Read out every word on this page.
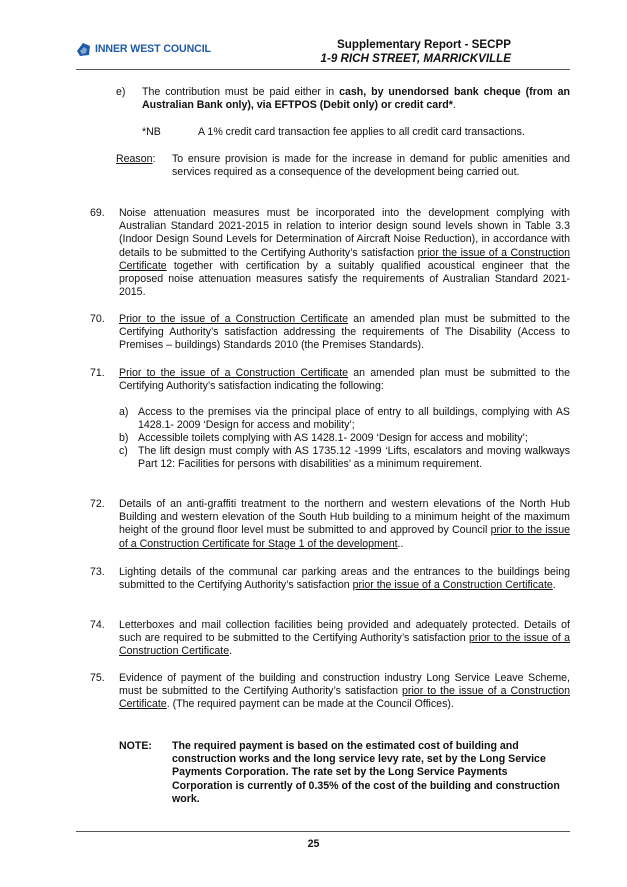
INNER WEST COUNCIL	Supplementary Report - SECPP
1-9 RICH STREET, MARRICKVILLE
e) The contribution must be paid either in cash, by unendorsed bank cheque (from an Australian Bank only), via EFTPOS (Debit only) or credit card*.
*NB	A 1% credit card transaction fee applies to all credit card transactions.
Reason: To ensure provision is made for the increase in demand for public amenities and services required as a consequence of the development being carried out.
69. Noise attenuation measures must be incorporated into the development complying with Australian Standard 2021-2015 in relation to interior design sound levels shown in Table 3.3 (Indoor Design Sound Levels for Determination of Aircraft Noise Reduction), in accordance with details to be submitted to the Certifying Authority’s satisfaction prior the issue of a Construction Certificate together with certification by a suitably qualified acoustical engineer that the proposed noise attenuation measures satisfy the requirements of Australian Standard 2021-2015.
70. Prior to the issue of a Construction Certificate an amended plan must be submitted to the Certifying Authority’s satisfaction addressing the requirements of The Disability (Access to Premises – buildings) Standards 2010 (the Premises Standards).
71. Prior to the issue of a Construction Certificate an amended plan must be submitted to the Certifying Authority’s satisfaction indicating the following:
a) Access to the premises via the principal place of entry to all buildings, complying with AS 1428.1- 2009 ‘Design for access and mobility’;
b) Accessible toilets complying with AS 1428.1- 2009 ‘Design for access and mobility’;
c) The lift design must comply with AS 1735.12 -1999 ‘Lifts, escalators and moving walkways Part 12: Facilities for persons with disabilities’ as a minimum requirement.
72. Details of an anti-graffiti treatment to the northern and western elevations of the North Hub Building and western elevation of the South Hub building to a minimum height of the maximum height of the ground floor level must be submitted to and approved by Council prior to the issue of a Construction Certificate for Stage 1 of the development..
73. Lighting details of the communal car parking areas and the entrances to the buildings being submitted to the Certifying Authority’s satisfaction prior the issue of a Construction Certificate.
74. Letterboxes and mail collection facilities being provided and adequately protected. Details of such are required to be submitted to the Certifying Authority’s satisfaction prior to the issue of a Construction Certificate.
75. Evidence of payment of the building and construction industry Long Service Leave Scheme, must be submitted to the Certifying Authority’s satisfaction prior to the issue of a Construction Certificate. (The required payment can be made at the Council Offices).
NOTE: The required payment is based on the estimated cost of building and construction works and the long service levy rate, set by the Long Service Payments Corporation. The rate set by the Long Service Payments Corporation is currently of 0.35% of the cost of the building and construction work.
25
